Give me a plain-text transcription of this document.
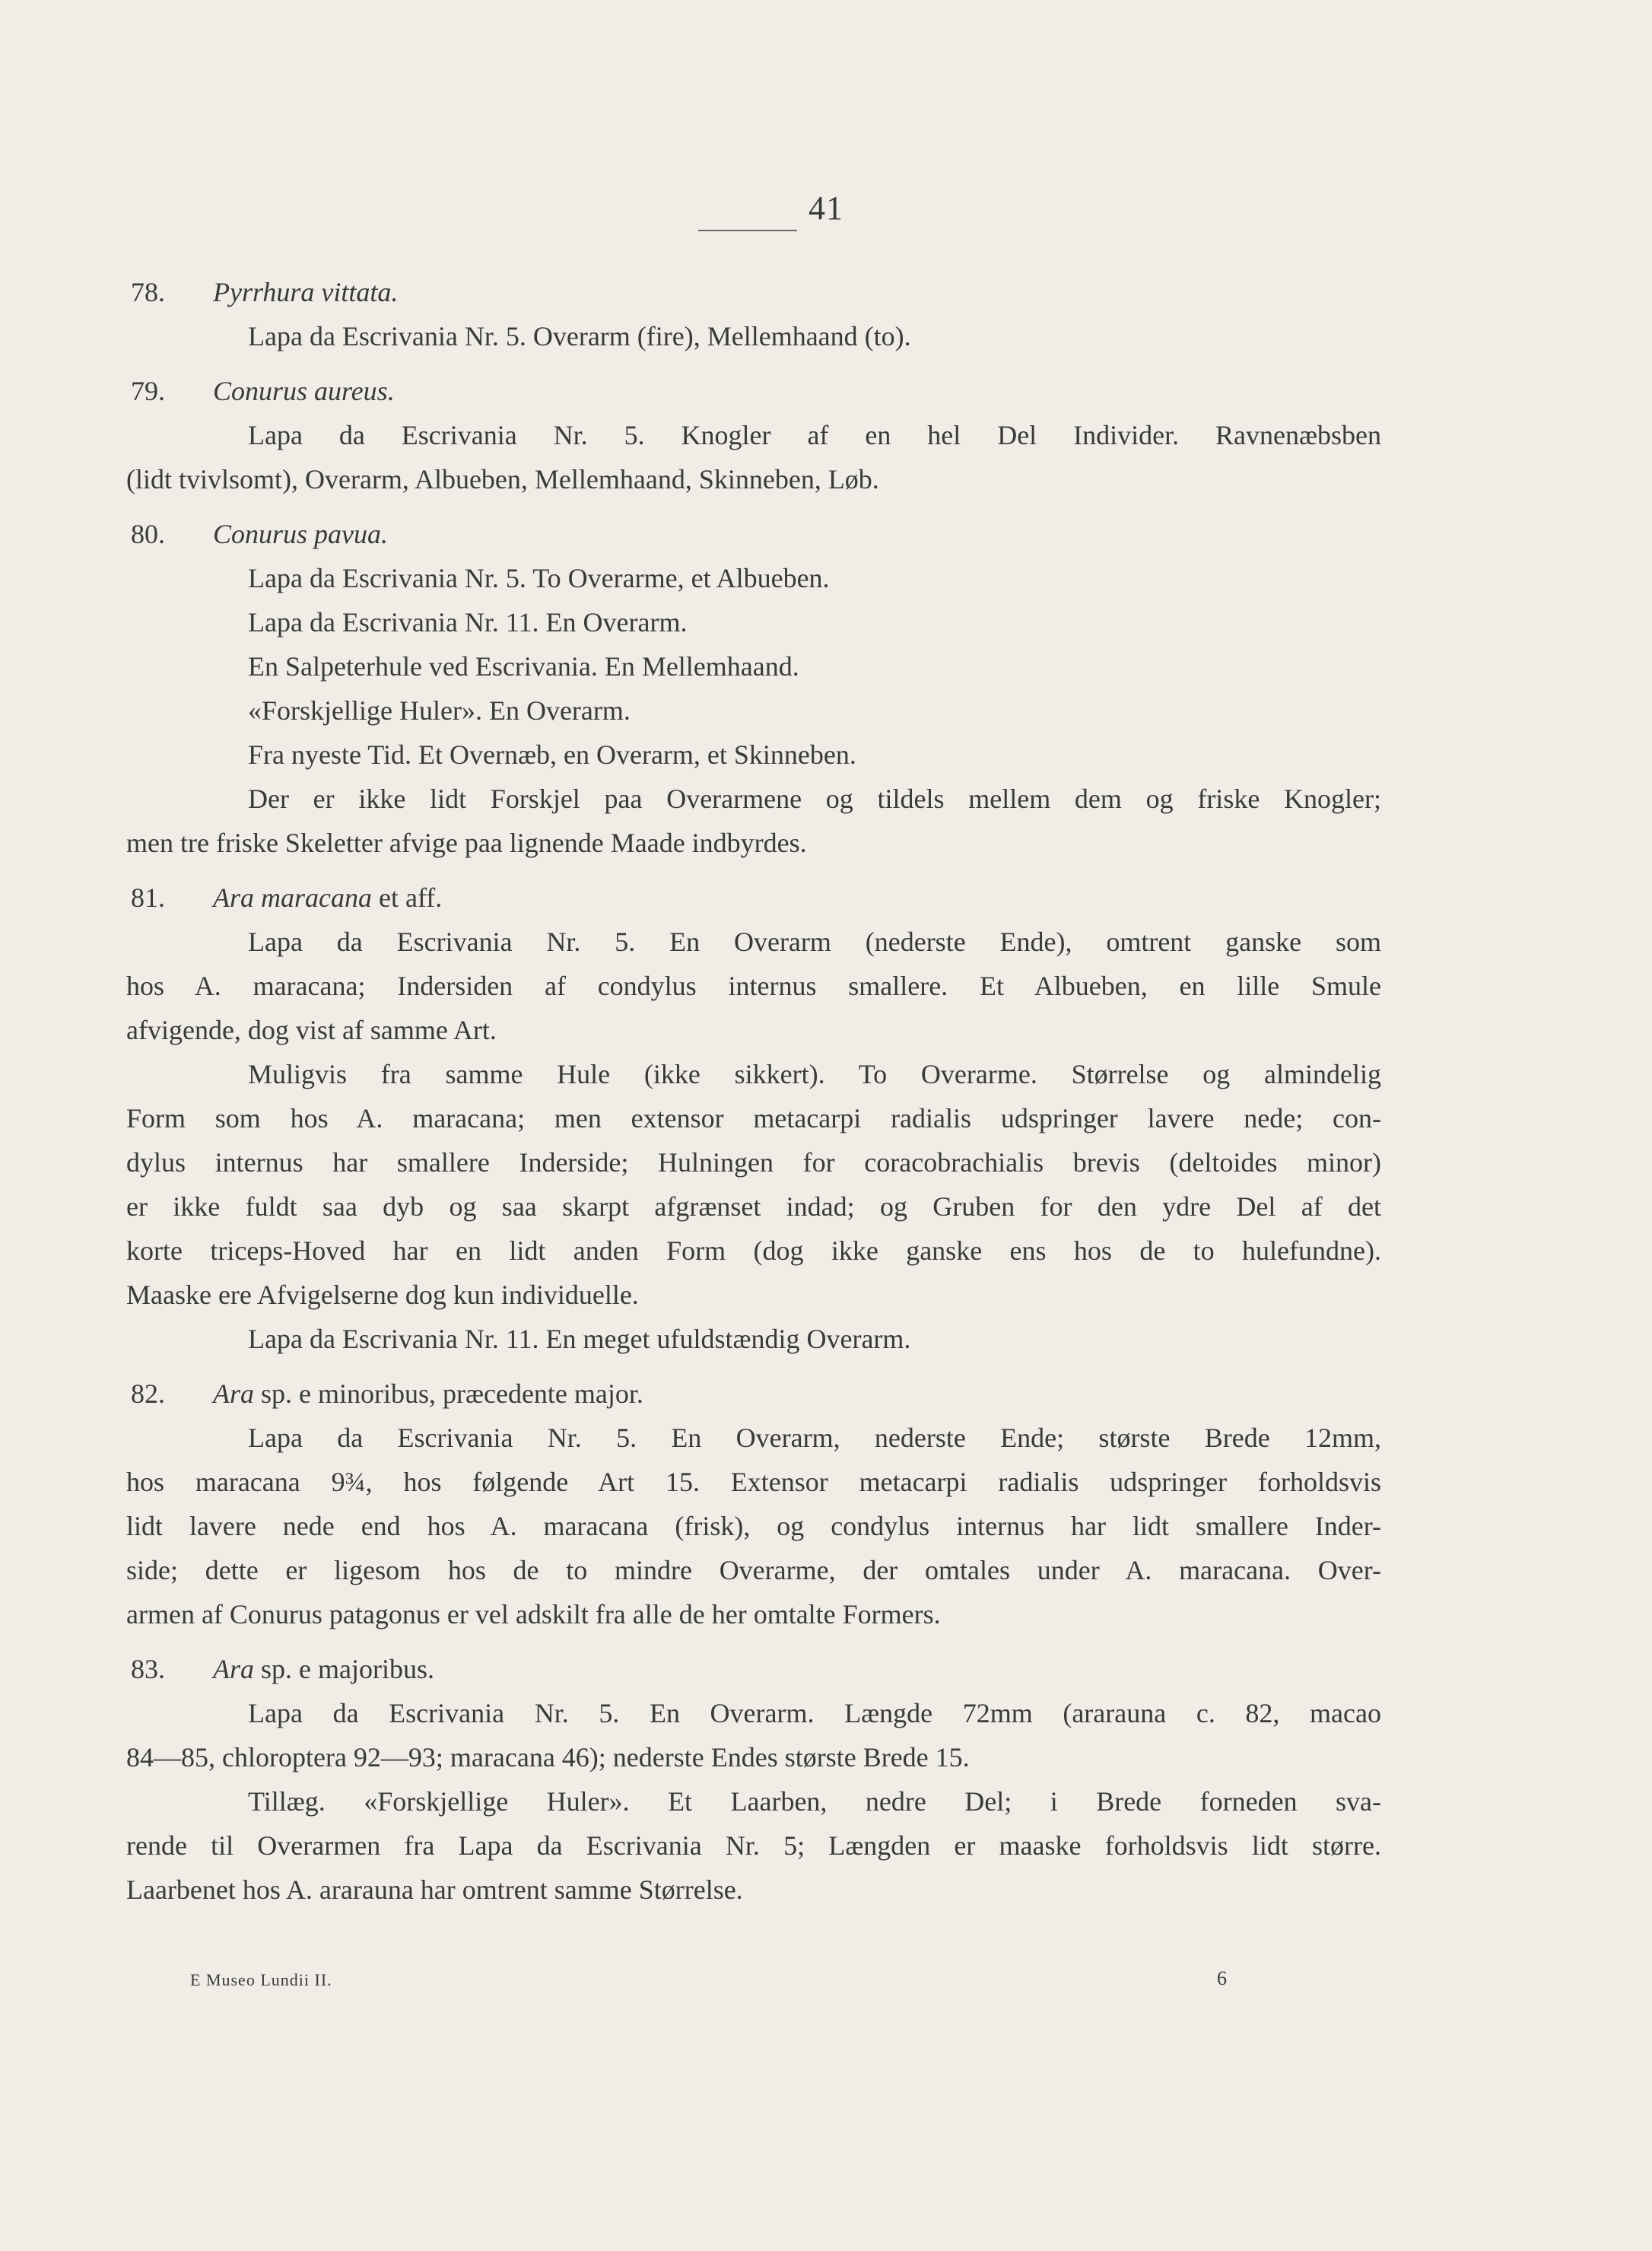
41
78. Pyrrhura vittata.
Lapa da Escrivania Nr. 5. Overarm (fire), Mellemhaand (to).
79. Conurus aureus.
Lapa da Escrivania Nr. 5. Knogler af en hel Del Individer. Ravnenæbsben
(lidt tvivlsomt), Overarm, Albueben, Mellemhaand, Skinneben, Løb.
80. Conurus pavua.
Lapa da Escrivania Nr. 5. To Overarme, et Albueben.
Lapa da Escrivania Nr. 11. En Overarm.
En Salpeterhule ved Escrivania. En Mellemhaand.
«Forskjellige Huler». En Overarm.
Fra nyeste Tid. Et Overnæb, en Overarm, et Skinneben.
Der er ikke lidt Forskjel paa Overarmene og tildels mellem dem og friske Knogler;
men tre friske Skeletter afvige paa lignende Maade indbyrdes.
81. Ara maracana et aff.
Lapa da Escrivania Nr. 5. En Overarm (nederste Ende), omtrent ganske som
hos A. maracana; Indersiden af condylus internus smallere. Et Albueben, en lille Smule
afvigende, dog vist af samme Art.
Muligvis fra samme Hule (ikke sikkert). To Overarme. Størrelse og almindelig
Form som hos A. maracana; men extensor metacarpi radialis udspringer lavere nede; con-
dylus internus har smallere Inderside; Hulningen for coracobrachialis brevis (deltoides minor)
er ikke fuldt saa dyb og saa skarpt afgrænset indad; og Gruben for den ydre Del af det
korte triceps-Hoved har en lidt anden Form (dog ikke ganske ens hos de to hulefundne).
Maaske ere Afvigelserne dog kun individuelle.
Lapa da Escrivania Nr. 11. En meget ufuldstændig Overarm.
82. Ara sp. e minoribus, præcedente major.
Lapa da Escrivania Nr. 5. En Overarm, nederste Ende; største Brede 12mm,
hos maracana 9¾, hos følgende Art 15. Extensor metacarpi radialis udspringer forholdsvis
lidt lavere nede end hos A. maracana (frisk), og condylus internus har lidt smallere Inder-
side; dette er ligesom hos de to mindre Overarme, der omtales under A. maracana. Over-
armen af Conurus patagonus er vel adskilt fra alle de her omtalte Formers.
83. Ara sp. e majoribus.
Lapa da Escrivania Nr. 5. En Overarm. Længde 72mm (ararauna c. 82, macao
84—85, chloroptera 92—93; maracana 46); nederste Endes største Brede 15.
Tillæg. «Forskjellige Huler». Et Laarben, nedre Del; i Brede forneden sva-
rende til Overarmen fra Lapa da Escrivania Nr. 5; Længden er maaske forholdsvis lidt større.
Laarbenet hos A. ararauna har omtrent samme Størrelse.
E Museo Lundii II.	6
